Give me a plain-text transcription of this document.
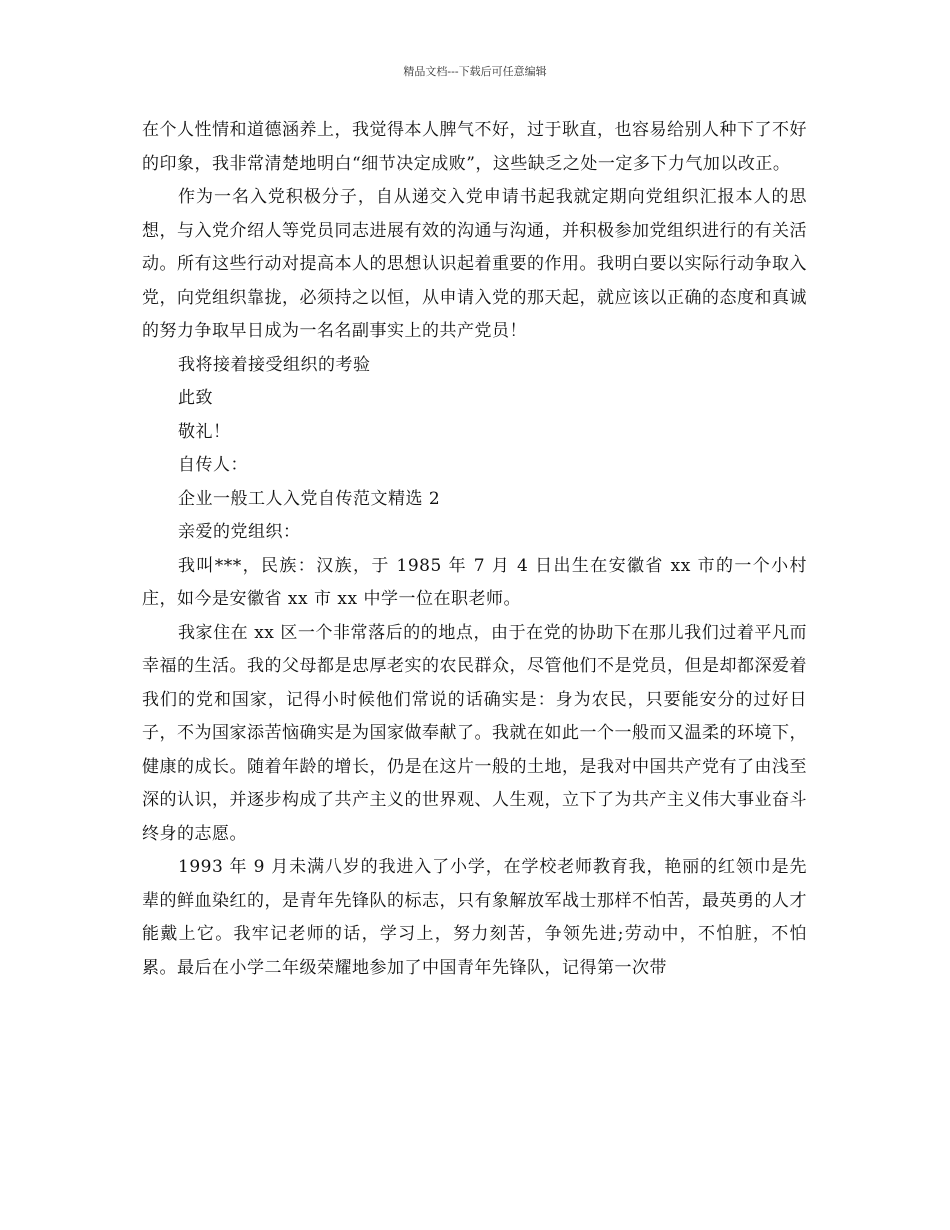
精品文档---下载后可任意编辑

在个人性情和道德涵养上，我觉得本人脾气不好，过于耿直，也容易给别人种下了不好的印象，我非常清楚地明白“细节决定成败”，这些缺乏之处一定多下力气加以改正。

作为一名入党积极分子，自从递交入党申请书起我就定期向党组织汇报本人的思想，与入党介绍人等党员同志进展有效的沟通与沟通，并积极参加党组织进行的有关活动。所有这些行动对提高本人的思想认识起着重要的作用。我明白要以实际行动争取入党，向党组织靠拢，必须持之以恒，从申请入党的那天起，就应该以正确的态度和真诚的努力争取早日成为一名名副事实上的共产党员！

我将接着接受组织的考验

此致

敬礼！

自传人：

企业一般工人入党自传范文精选 2

亲爱的党组织：

我叫***，民族：汉族，于 1985 年 7 月 4 日出生在安徽省 xx 市的一个小村庄，如今是安徽省 xx 市 xx 中学一位在职老师。

我家住在 xx 区一个非常落后的的地点，由于在党的协助下在那儿我们过着平凡而幸福的生活。我的父母都是忠厚老实的农民群众，尽管他们不是党员，但是却都深爱着我们的党和国家，记得小时候他们常说的话确实是：身为农民，只要能安分的过好日子，不为国家添苦恼确实是为国家做奉献了。我就在如此一个一般而又温柔的环境下，健康的成长。随着年龄的增长，仍是在这片一般的土地，是我对中国共产党有了由浅至深的认识，并逐步构成了共产主义的世界观、人生观，立下了为共产主义伟大事业奋斗终身的志愿。

1993 年 9 月未满八岁的我进入了小学，在学校老师教育我，艳丽的红领巾是先辈的鲜血染红的，是青年先锋队的标志，只有象解放军战士那样不怕苦，最英勇的人才能戴上它。我牢记老师的话，学习上，努力刻苦，争领先进;劳动中，不怕脏，不怕累。最后在小学二年级荣耀地参加了中国青年先锋队，记得第一次带
